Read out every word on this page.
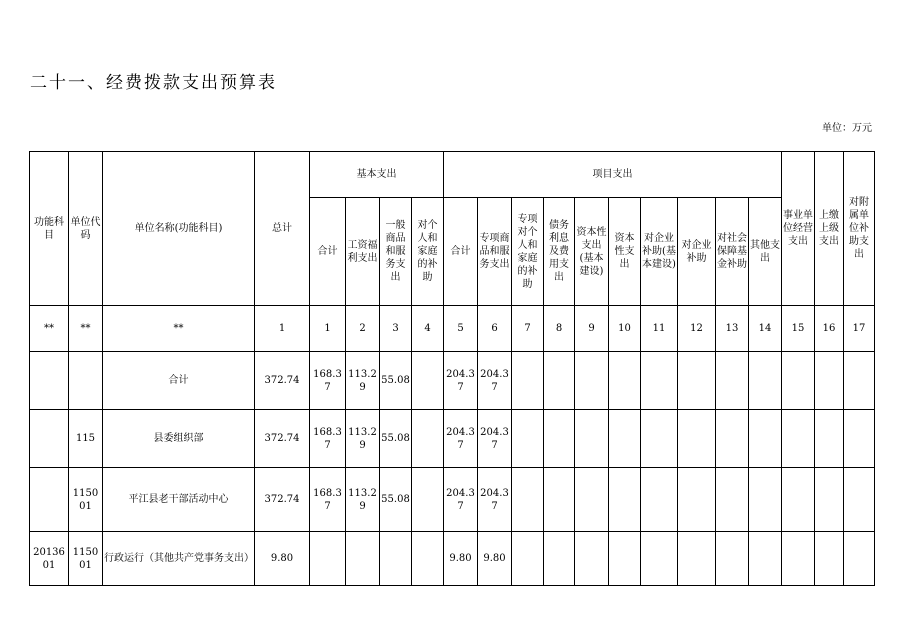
二十一、经费拨款支出预算表
单位：万元
功能科目	单位代码	单位名称(功能科目)	总计	基本支出				项目支出										事业单位经营支出	上缴上级支出	对附属单位补助支出
				合计	工资福利支出	一般商品和服务支出	对个人和家庭的补助	合计	专项商品和服务支出	专项对个人和家庭的补助	债务利息及费用支出	资本性支出(基本建设)	资本性支出	对企业补助(基本建设)	对企业补助	对社会保障基金补助	其他支出			
**	**	**	1	1	2	3	4	5	6	7	8	9	10	11	12	13	14	15	16	17
		合计	372.74	168.37	113.29	55.08		204.37	204.37											
	115	县委组织部	372.74	168.37	113.29	55.08		204.37	204.37											
	115001	平江县老干部活动中心	372.74	168.37	113.29	55.08		204.37	204.37											
2013601	115001	行政运行（其他共产党事务支出）	9.80					9.80	9.80											
